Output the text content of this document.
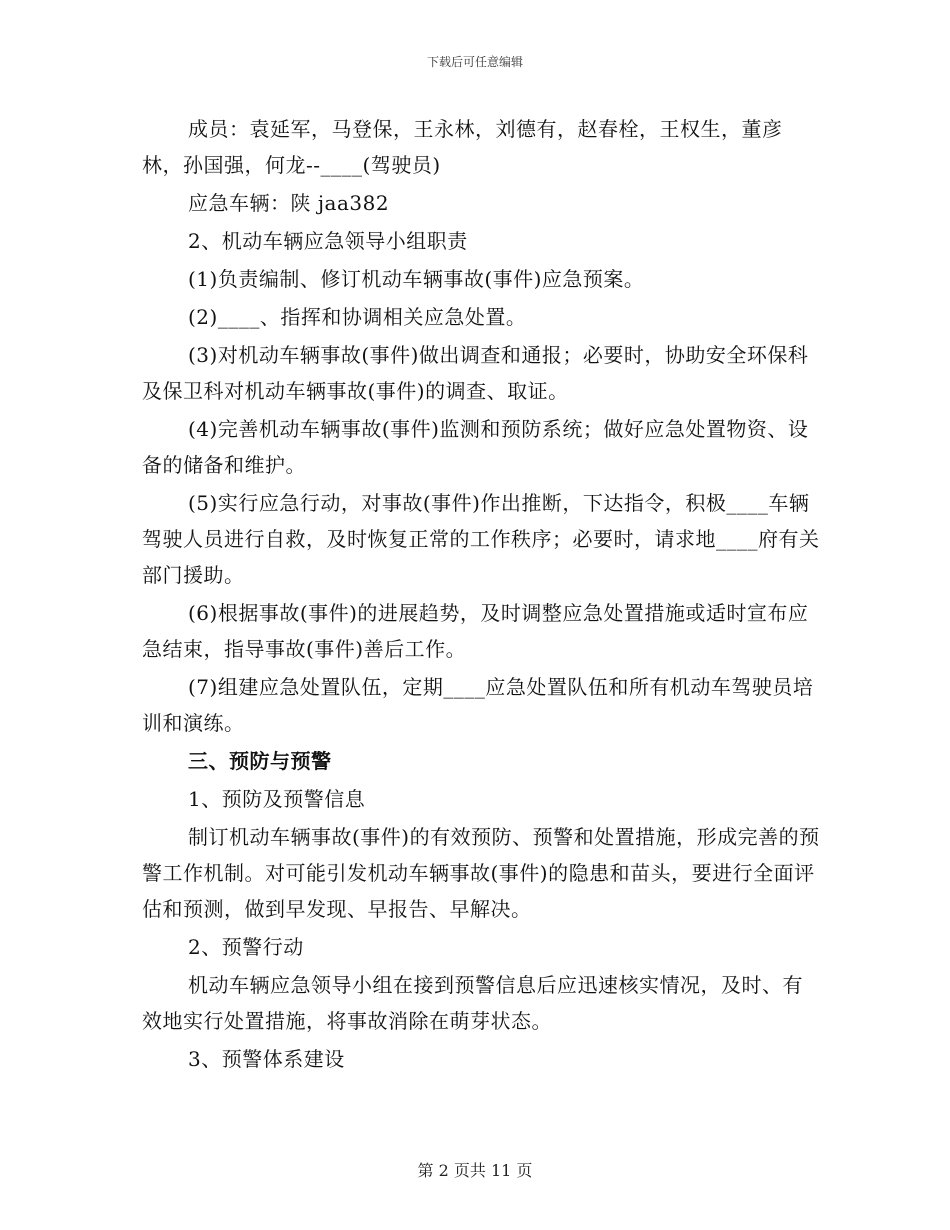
下载后可任意编辑

成员：袁延军，马登保，王永林，刘德有，赵春栓，王权生，董彦林，孙国强，何龙--____(驾驶员)

应急车辆：陕 jaa382

2、机动车辆应急领导小组职责

(1)负责编制、修订机动车辆事故(事件)应急预案。

(2)____、指挥和协调相关应急处置。

(3)对机动车辆事故(事件)做出调查和通报；必要时，协助安全环保科及保卫科对机动车辆事故(事件)的调查、取证。

(4)完善机动车辆事故(事件)监测和预防系统；做好应急处置物资、设备的储备和维护。

(5)实行应急行动，对事故(事件)作出推断，下达指令，积极____车辆驾驶人员进行自救，及时恢复正常的工作秩序；必要时，请求地____府有关部门援助。

(6)根据事故(事件)的进展趋势，及时调整应急处置措施或适时宣布应急结束，指导事故(事件)善后工作。

(7)组建应急处置队伍，定期____应急处置队伍和所有机动车驾驶员培训和演练。

三、预防与预警

1、预防及预警信息

制订机动车辆事故(事件)的有效预防、预警和处置措施，形成完善的预警工作机制。对可能引发机动车辆事故(事件)的隐患和苗头，要进行全面评估和预测，做到早发现、早报告、早解决。

2、预警行动

机动车辆应急领导小组在接到预警信息后应迅速核实情况，及时、有效地实行处置措施，将事故消除在萌芽状态。

3、预警体系建设

第 2 页共 11 页
